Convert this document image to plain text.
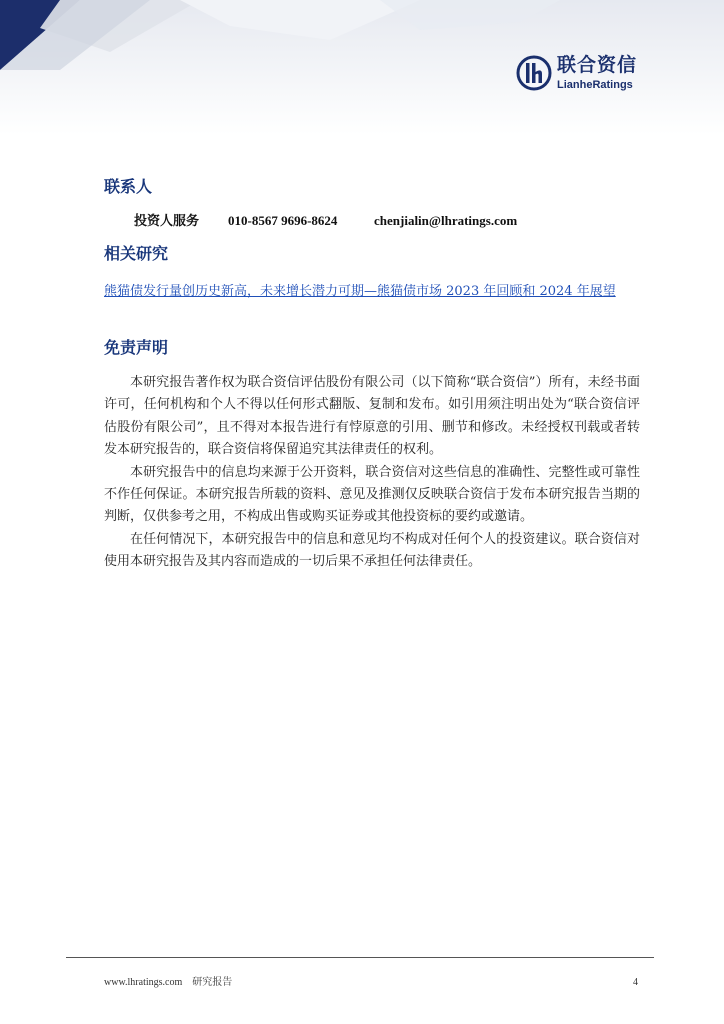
联合资信
LianheRatings
联系人
投资人服务 010-8567 9696-8624	chenjialin@lhratings.com
相关研究
熊猫债发行量创历史新高，未来增长潜力可期—熊猫债市场 2023 年回顾和 2024 年展望
免责声明

本研究报告著作权为联合资信评估股份有限公司（以下简称“联合资信”）所有，未经书面许可，任何机构和个人不得以任何形式翻版、复制和发布。如引用须注明出处为“联合资信评估股份有限公司”，且不得对本报告进行有悖原意的引用、删节和修改。未经授权刊载或者转发本研究报告的，联合资信将保留追究其法律责任的权利。

本研究报告中的信息均来源于公开资料，联合资信对这些信息的准确性、完整性或可靠性不作任何保证。本研究报告所载的资料、意见及推测仅反映联合资信于发布本研究报告当期的判断，仅供参考之用，不构成出售或购买证券或其他投资标的要约或邀请。

在任何情况下，本研究报告中的信息和意见均不构成对任何个人的投资建议。联合资信对使用本研究报告及其内容而造成的一切后果不承担任何法律责任。

www.lhratings.com 研究报告	4
